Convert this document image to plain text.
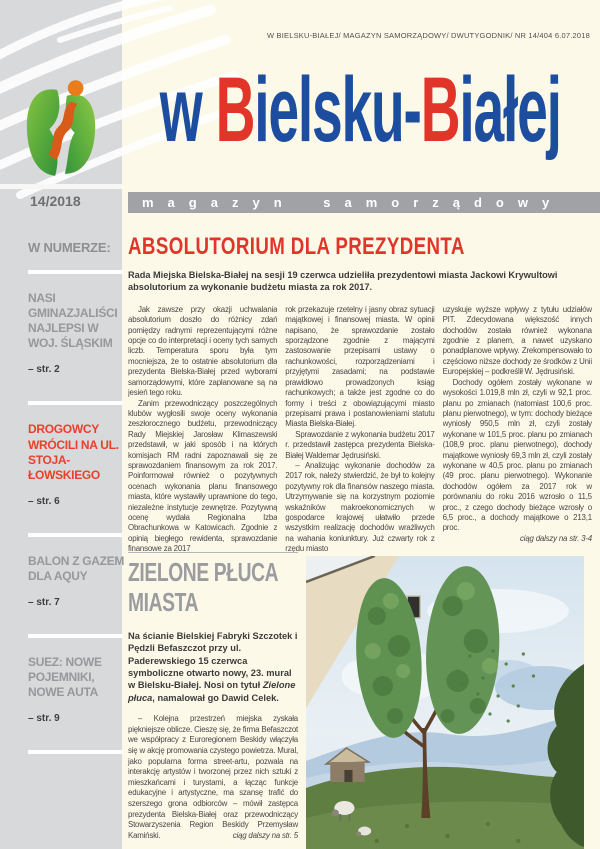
W BIELSKU-BIAŁEJ/ MAGAZYN SAMORZĄDOWY/ DWUTYGODNIK/ NR 14/404 6.07.2018
w Bielsku-Białej
14/2018	magazyn samorządowy
W NUMERZE:
NASI GMINAZJALIŚCI NAJLEPSI W WOJ. ŚLĄSKIM
– str. 2
DROGOWCY WRÓCILI NA UL. STOJA-ŁOWSKIEGO
– str. 6
BALON Z GAZEM DLA AQUY
– str. 7
SUEZ: NOWE POJEMNIKI, NOWE AUTA
– str. 9
ABSOLUTORIUM DLA PREZYDENTA

Rada Miejska Bielska-Białej na sesji 19 czerwca udzieliła prezydentowi miasta Jackowi Krywultowi absolutorium za wykonanie budżetu miasta za rok 2017.

Jak zawsze przy okazji uchwalania absolutorium doszło do różnicy zdań pomiędzy radnymi reprezentującymi różne opcje co do interpretacji i oceny tych samych liczb. Temperatura sporu była tym mocniejsza, że to ostatnie absolutorium dla prezydenta Bielska-Białej przed wyborami samorządowymi, które zaplanowane są na jesień tego roku.

Zanim przewodniczący poszczególnych klubów wygłosili swoje oceny wykonania zeszłorocznego budżetu, przewodniczący Rady Miejskiej Jarosław Klimaszewski przedstawił, w jaki sposób i na których komisjach RM radni zapoznawali się ze sprawozdaniem finansowym za rok 2017. Poinformował również o pozytywnych ocenach wykonania planu finansowego miasta, które wystawiły uprawnione do tego, niezależne instytucje zewnętrze. Pozytywną ocenę wydała Regionalna Izba Obrachunkowa w Katowicach. Zgodnie z opinią biegłego rewidenta, sprawozdanie finansowe za 2017

rok przekazuje rzetelny i jasny obraz sytuacji majątkowej i finansowej miasta. W opinii napisano, że sprawozdanie zostało sporządzone zgodnie z mającymi zastosowanie przepisami ustawy o rachunkowości, rozporządzeniami i przyjętymi zasadami; na podstawie prawidłowo prowadzonych ksiąg rachunkowych; a także jest zgodne co do formy i treści z obowiązującymi miasto przepisami prawa i postanowieniami statutu Miasta Bielska-Białej.

Sprawozdanie z wykonania budżetu 2017 r. przedstawił zastępca prezydenta Bielska-Białej Waldemar Jędrusiński.

– Analizując wykonanie dochodów za 2017 rok, należy stwierdzić, że był to kolejny pozytywny rok dla finansów naszego miasta. Utrzymywanie się na korzystnym poziomie wskaźników makroekonomicznych w gospodarce krajowej ułatwiło przede wszystkim realizację dochodów wrażliwych na wahania koniunktury. Już czwarty rok z rzędu miasto

uzyskuje wyższe wpływy z tytułu udziałów PIT. Zdecydowana większość innych dochodów została również wykonana zgodnie z planem, a nawet uzyskano ponadplanowe wpływy. Zrekompensowało to częściowo niższe dochody ze środków z Unii Europejskiej – podkreślił W. Jędrusiński.

Dochody ogółem zostały wykonane w wysokości 1.019,8 mln zł, czyli w 92,1 proc. planu po zmianach (natomiast 100,6 proc. planu pierwotnego), w tym: dochody bieżące wyniosły 950,5 mln zł, czyli zostały wykonane w 101,5 proc. planu po zmianach (108,9 proc. planu pierwotnego), dochody majątkowe wyniosły 69,3 mln zł, czyli zostały wykonane w 40,5 proc. planu po zmianach (49 proc. planu pierwotnego). Wykonanie dochodów ogółem za 2017 rok w porównaniu do roku 2016 wzrosło o 11,5 proc., z czego dochody bieżące wzrosły o 6,5 proc., a dochody majątkowe o 213,1 proc.

ciąg dalszy na str. 3-4

ZIELONE PŁUCA
MIASTA

Na ścianie Bielskiej Fabryki Szczotek i Pędzli Befaszczot przy ul. Paderewskiego 15 czerwca symboliczne otwarto nowy, 23. mural w Bielsku-Białej. Nosi on tytuł Zielone płuca, namalował go Dawid Celek.

– Kolejna przestrzeń miejska zyskała piękniejsze oblicze. Cieszę się, że firma Befaszczot we współpracy z Euroregionem Beskidy włączyła się w akcję promowania czystego powietrza. Mural, jako popularna forma street-artu, pozwala na interakcję artystów i tworzonej przez nich sztuki z mieszkańcami i turystami, a łącząc funkcje edukacyjne i artystyczne, ma szansę trafić do szerszego grona odbiorców – mówił zastępca prezydenta Bielska-Białej oraz przewodniczący Stowarzyszenia Region Beskidy Przemysław Kamiński.	ciąg dalszy na str. 5
